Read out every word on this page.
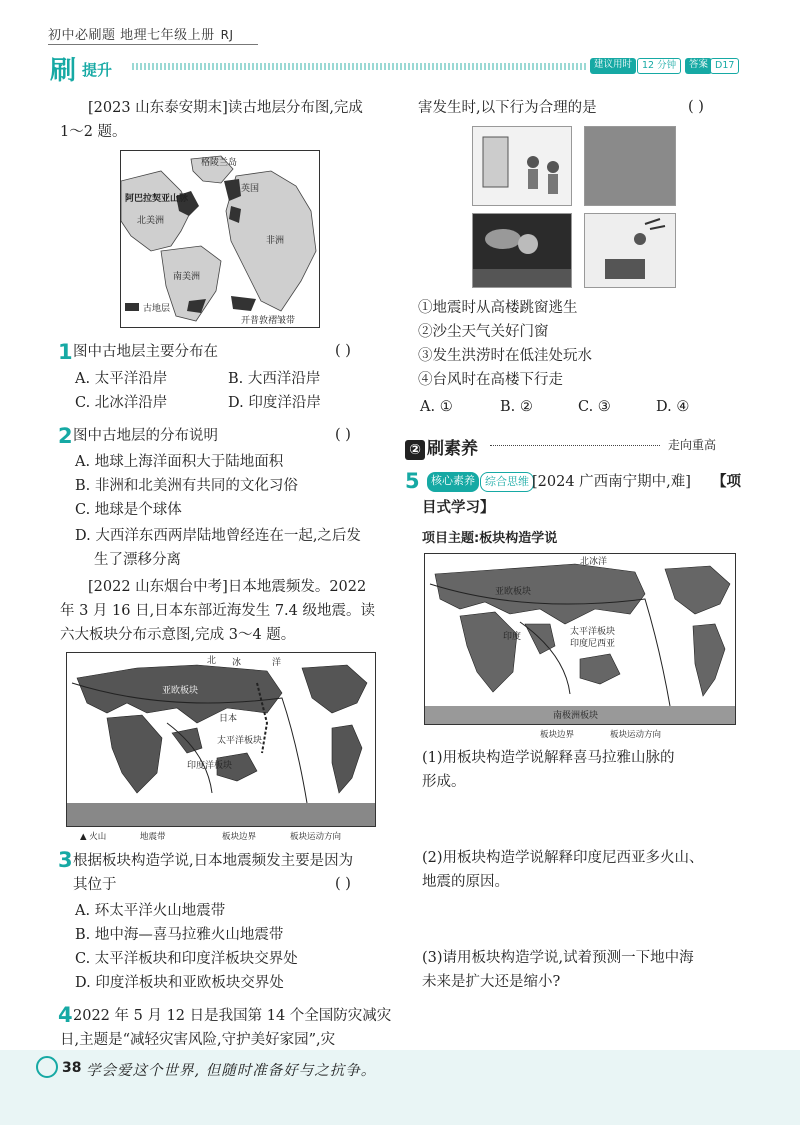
初中必刷题 地理七年级上册 RJ
刷 提升	建议用时	12 分钟	答案 D17
[2023 山东泰安期末]读古地层分布图,完成
1～2 题。
格陵兰岛
阿巴拉契亚山脉
英国
北美洲
非洲
南美洲
开普敦褶皱带
古地层
1 图中古地层主要分布在	( )
A. 太平洋沿岸	B. 大西洋沿岸
C. 北冰洋沿岸	D. 印度洋沿岸
2 图中古地层的分布说明	( )
A. 地球上海洋面积大于陆地面积
B. 非洲和北美洲有共同的文化习俗
C. 地球是个球体
D. 大西洋东西两岸陆地曾经连在一起,之后发
生了漂移分离
[2022 山东烟台中考]日本地震频发。2022
年 3 月 16 日,日本东部近海发生 7.4 级地震。读
六大板块分布示意图,完成 3～4 题。
北 冰	洋
亚欧板块
日本
太平洋板块
印度洋板块
▲ 火山	地震带	板块边界	板块运动方向
3 根据板块构造学说,日本地震频发主要是因为
其位于	( )
A. 环太平洋火山地震带
B. 地中海—喜马拉雅火山地震带
C. 太平洋板块和印度洋板块交界处
D. 印度洋板块和亚欧板块交界处
4 2022 年 5 月 12 日是我国第 14 个全国防灾减灾
日,主题是“减轻灾害风险,守护美好家园”,灾
害发生时,以下行为合理的是	( )
①地震时从高楼跳窗逃生
②沙尘天气关好门窗
③发生洪涝时在低洼处玩水
④台风时在高楼下行走
A. ①	B. ②	C. ③	D. ④
② 刷素养	走向重高
5	核心素养 综合思维 [2024 广西南宁期中,难] 【项
目式学习】
项目主题:板块构造学说
北冰洋
亚欧板块
太平洋板块
印度尼西亚
印度
南极洲板块
板块边界	板块运动方向
(1)用板块构造学说解释喜马拉雅山脉的
形成。
(2)用板块构造学说解释印度尼西亚多火山、
地震的原因。
(3)请用板块构造学说,试着预测一下地中海
未来是扩大还是缩小?
38 学会爱这个世界, 但随时准备好与之抗争。
